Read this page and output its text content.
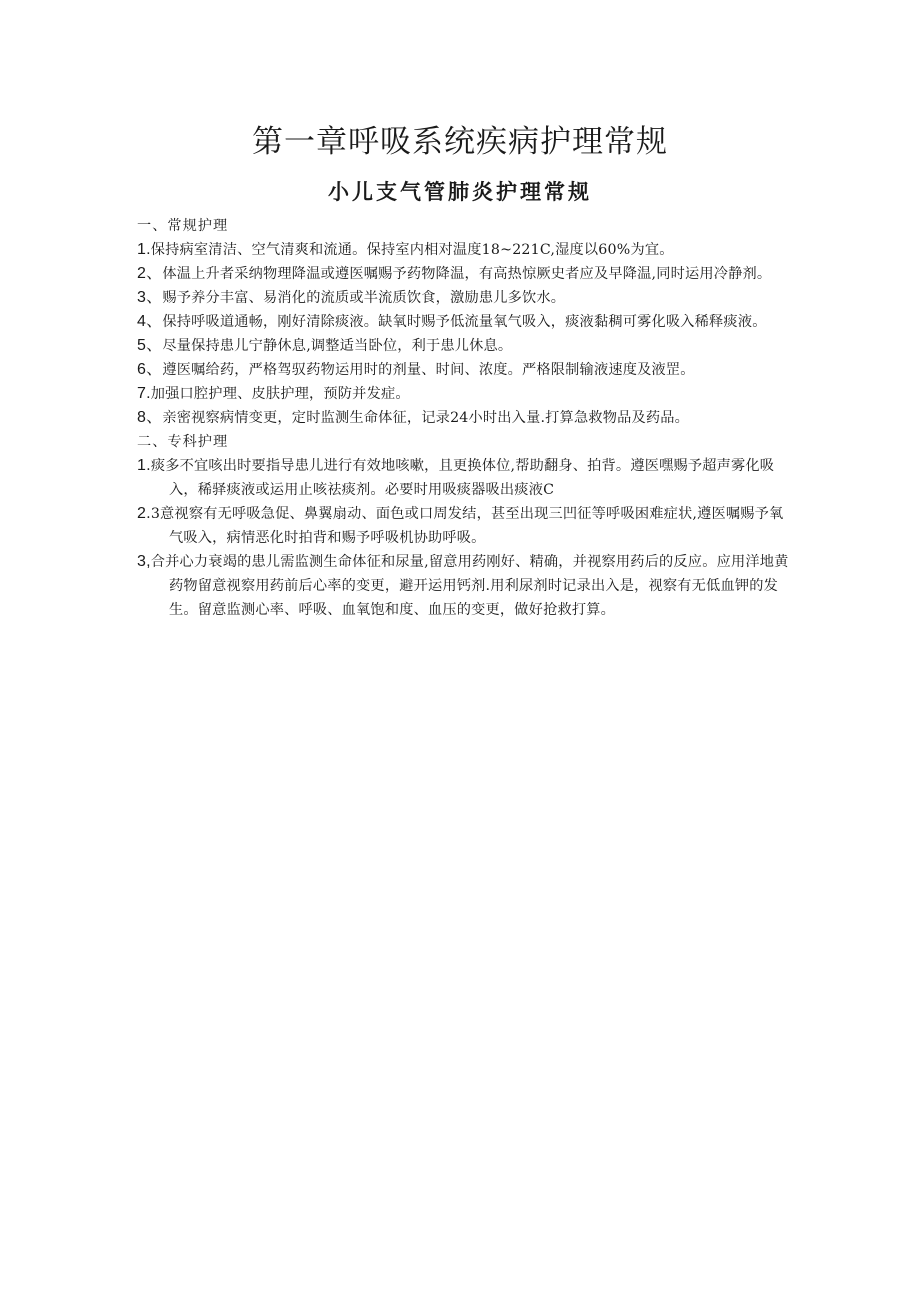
第一章呼吸系统疾病护理常规
小儿支气管肺炎护理常规

一、常规护理

1.保持病室清洁、空气清爽和流通。保持室内相对温度18~221C,湿度以60%为宜。

2、体温上升者采纳物理降温或遵医嘱赐予药物降温，有高热惊厥史者应及早降温,同时运用冷静剂。

3、赐予养分丰富、易消化的流质或半流质饮食，激励患儿多饮水。

4、保持呼吸道通畅，刚好清除痰液。缺氧时赐予低流量氧气吸入，痰液黏稠可雾化吸入稀释痰液。

5、尽量保持患儿宁静休息,调整适当卧位，利于患儿休息。

6、遵医嘱给药，严格驾驭药物运用时的剂量、时间、浓度。严格限制输液速度及液罡。

7.加强口腔护理、皮肤护理，预防并发症。

8、亲密视察病情变更，定时监测生命体征，记录24小时出入量.打算急救物品及药品。

二、专科护理

1.痰多不宜咳出时要指导患儿进行有效地咳嗽，且更换体位,帮助翻身、拍背。遵医嘿赐予超声雾化吸入，稀驿痰液或运用止咳祛痰剂。必要时用吸痰器吸出痰液C

2.3意视察有无呼吸急促、鼻翼扇动、面色或口周发结，甚至出现三凹征等呼吸困难症状,遵医嘱赐予氧气吸入，病情恶化时拍背和赐予呼吸机协助呼吸。

3,合并心力衰竭的患儿需监测生命体征和尿量,留意用药刚好、精确，并视察用药后的反应。应用洋地黄药物留意视察用药前后心率的变更，避开运用钙剂.用利尿剂时记录出入是，视察有无低血钾的发生。留意监测心率、呼吸、血氧饱和度、血压的变更，做好抢救打算。
